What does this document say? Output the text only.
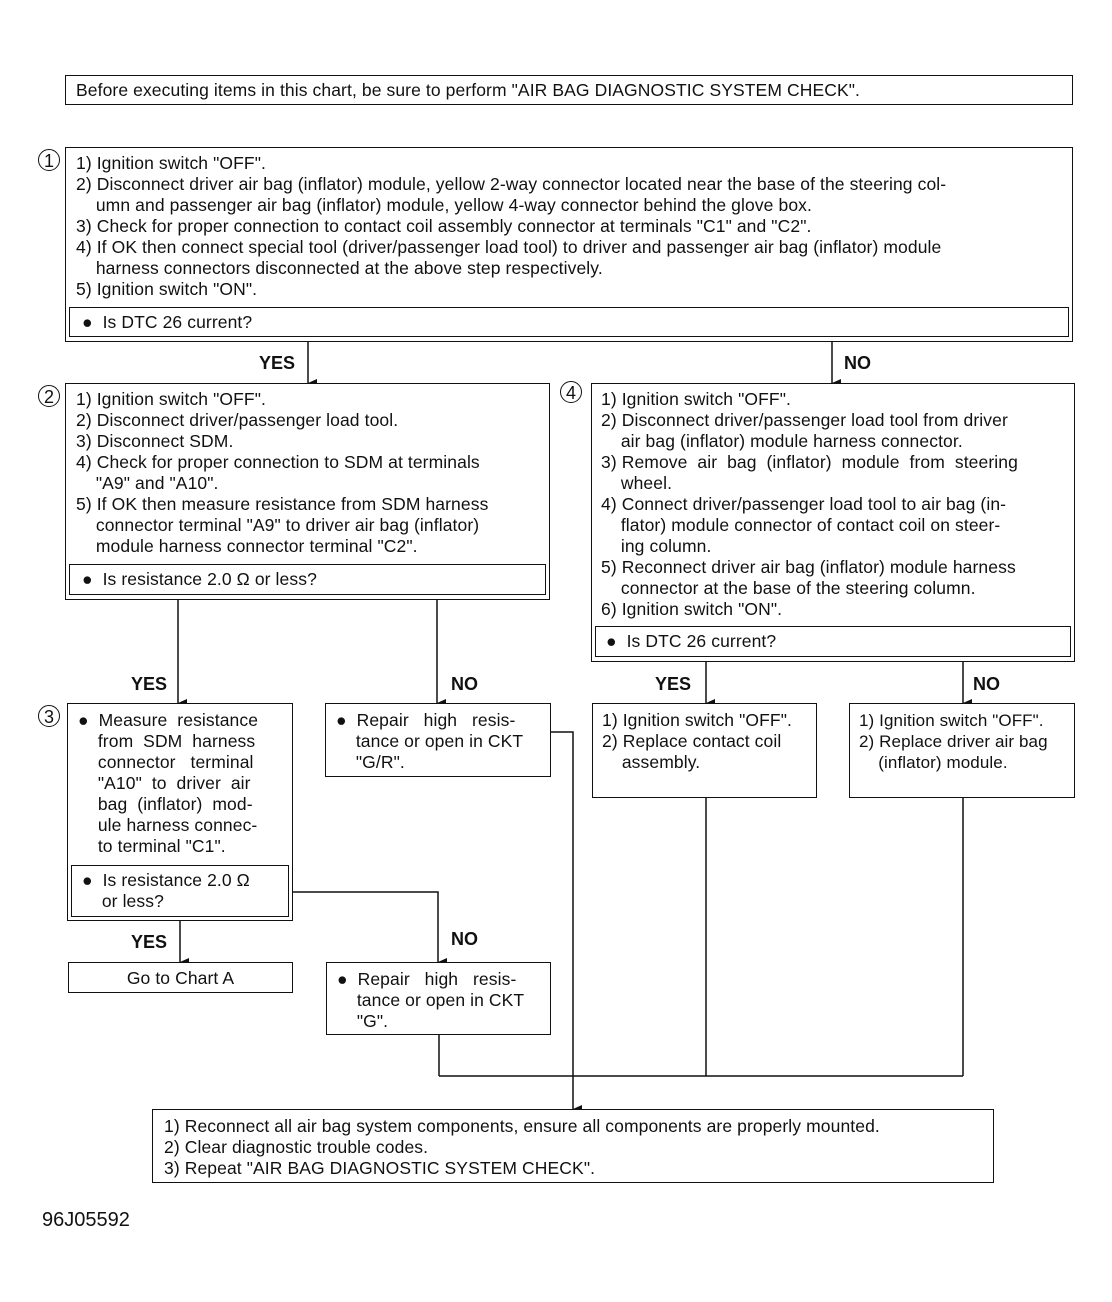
Before executing items in this chart, be sure to perform "AIR BAG DIAGNOSTIC SYSTEM CHECK".
1	1) Ignition switch "OFF".
2) Disconnect driver air bag (inflator) module, yellow 2-way connector located near the base of the steering col-
umn and passenger air bag (inflator) module, yellow 4-way connector behind the glove box.
3) Check for proper connection to contact coil assembly connector at terminals "C1" and "C2".
4) If OK then connect special tool (driver/passenger load tool) to driver and passenger air bag (inflator) module
harness connectors disconnected at the above step respectively.
5) Ignition switch "ON".
●  Is DTC 26 current?
YES	NO
2	1) Ignition switch "OFF".
2) Disconnect driver/passenger load tool.
3) Disconnect SDM.
4) Check for proper connection to SDM at terminals
"A9" and "A10".
5) If OK then measure resistance from SDM harness
connector terminal "A9" to driver air bag (inflator)
module harness connector terminal "C2".
●  Is resistance 2.0 Ω or less?
4	1) Ignition switch "OFF".
2) Disconnect driver/passenger load tool from driver
air bag (inflator) module harness connector.
3) Remove  air  bag  (inflator)  module  from  steering
wheel.
4) Connect driver/passenger load tool to air bag (in-
flator) module connector of contact coil on steer-
ing column.
5) Reconnect driver air bag (inflator) module harness
connector at the base of the steering column.
6) Ignition switch "ON".
●  Is DTC 26 current?
YES	NO	YES	NO
3	●  Measure  resistance
from  SDM  harness
connector   terminal
"A10"  to  driver  air
bag  (inflator)  mod-
ule harness connec-
to terminal "C1".
●  Is resistance 2.0 Ω
or less?
●  Repair   high   resis-
tance or open in CKT
"G/R".
1) Ignition switch "OFF".
2) Replace contact coil
assembly.
1) Ignition switch "OFF".
2) Replace driver air bag
(inflator) module.
YES	NO
Go to Chart A	●  Repair   high   resis-
tance or open in CKT
"G".
1) Reconnect all air bag system components, ensure all components are properly mounted.
2) Clear diagnostic trouble codes.
3) Repeat "AIR BAG DIAGNOSTIC SYSTEM CHECK".
96J05592
